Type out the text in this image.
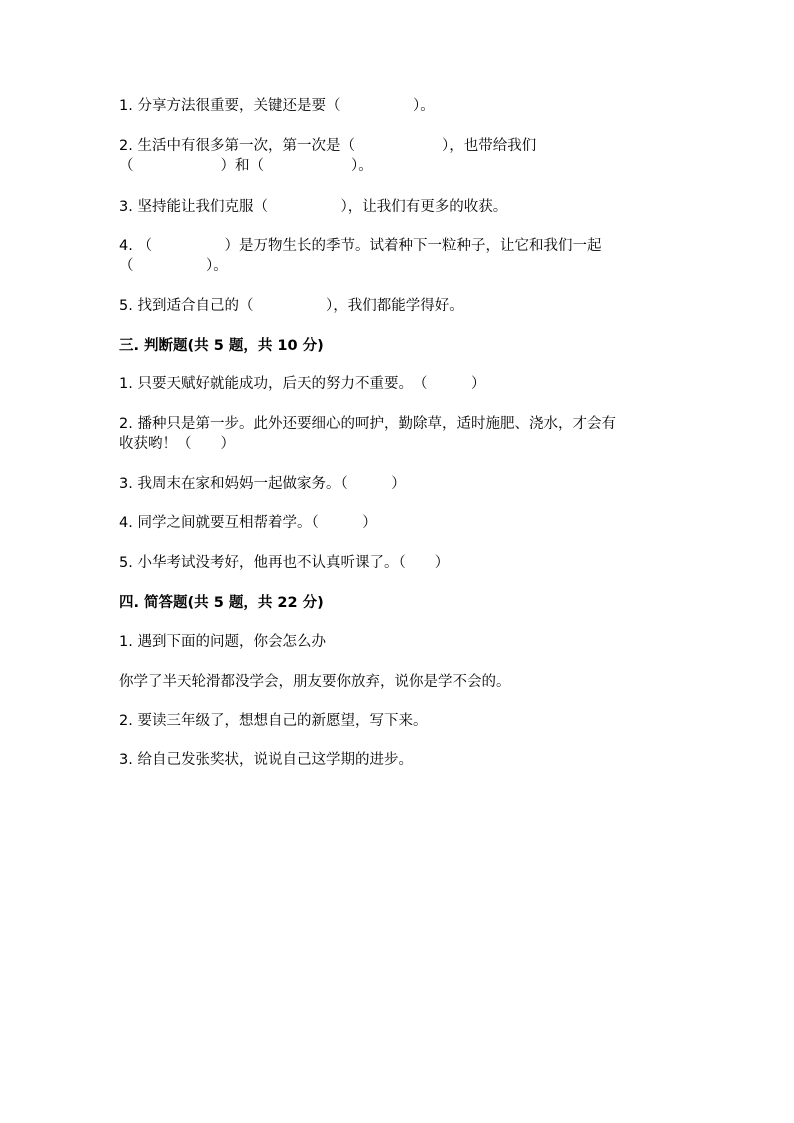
1. 分享方法很重要，关键还是要（　　　　　）。
2. 生活中有很多第一次，第一次是（　　　　　　），也带给我们
（　　　　　　）和（　　　　　　）。
3. 坚持能让我们克服（　　　　　），让我们有更多的收获。
4. （　　　　　）是万物生长的季节。试着种下一粒种子，让它和我们一起
（　　　　　）。
5. 找到适合自己的（　　　　　），我们都能学得好。
三. 判断题(共 5 题，共 10 分)
1. 只要天赋好就能成功，后天的努力不重要。　（　　　）
2. 播种只是第一步。此外还要细心的呵护，勤除草，适时施肥、浇水，才会有
收获哟！（　　）
3. 我周末在家和妈妈一起做家务。（　　　）
4. 同学之间就要互相帮着学。（　　　）
5. 小华考试没考好，他再也不认真听课了。（　　）
四. 简答题(共 5 题，共 22 分)
1. 遇到下面的问题，你会怎么办
你学了半天轮滑都没学会，朋友要你放弃，说你是学不会的。
2. 要读三年级了，想想自己的新愿望，写下来。
3. 给自己发张奖状，说说自己这学期的进步。
